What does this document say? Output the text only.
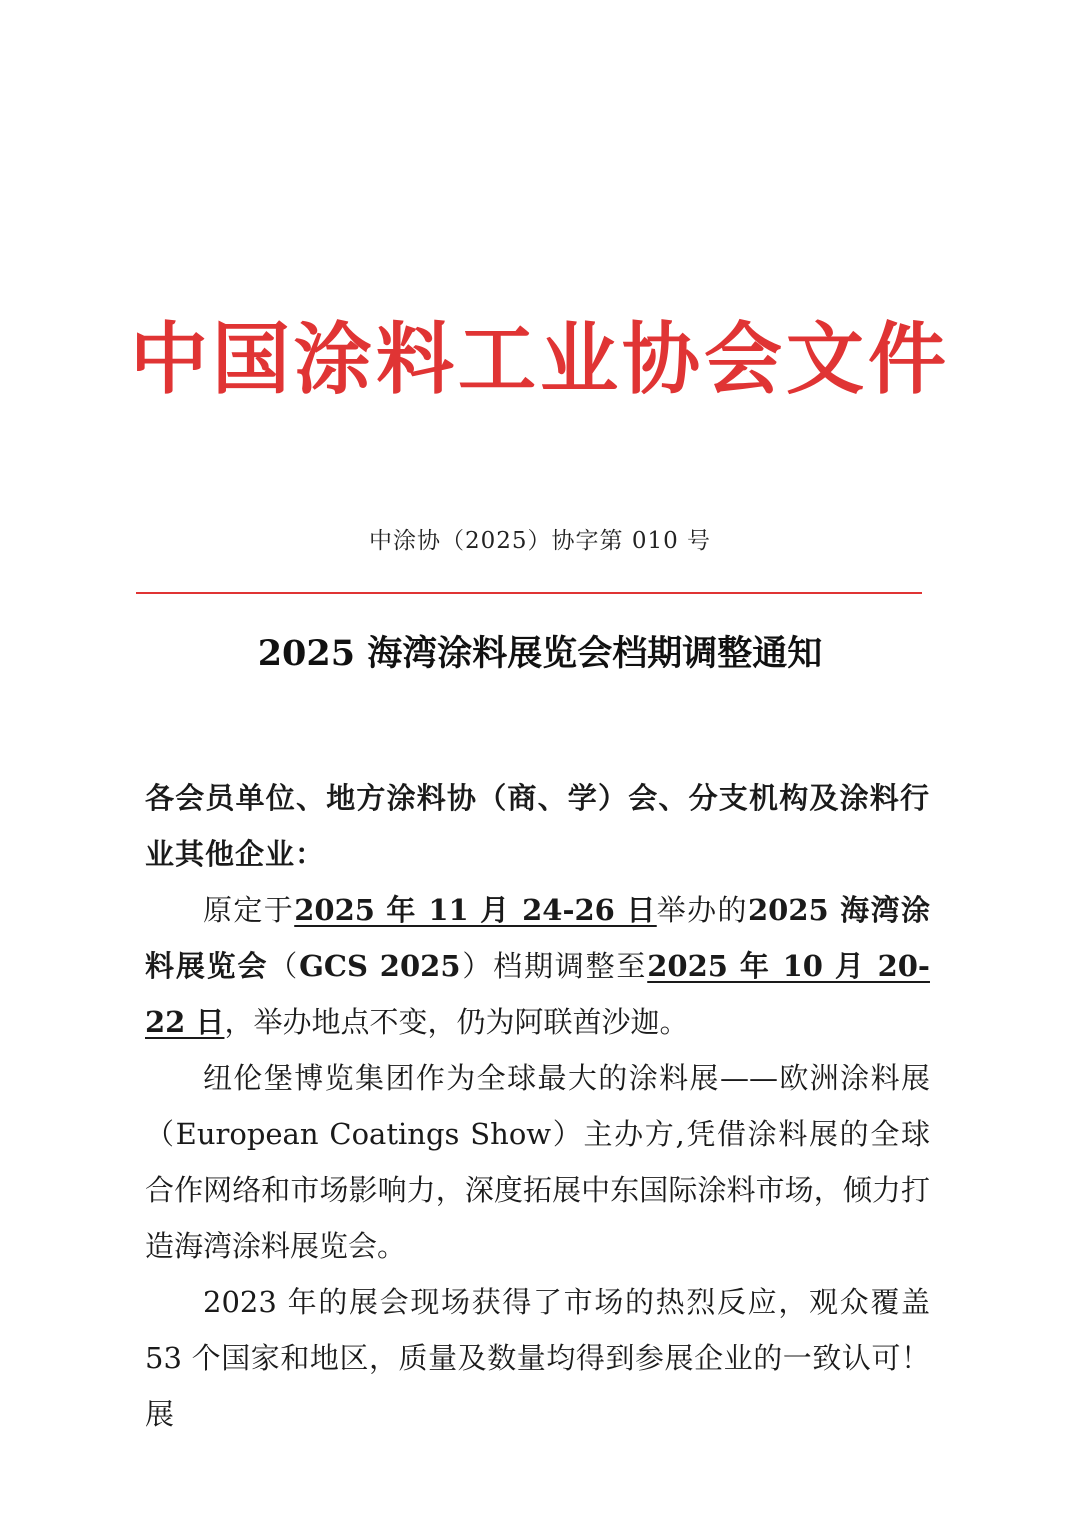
中国涂料工业协会文件
中涂协（2025）协字第 010 号
2025 海湾涂料展览会档期调整通知

各会员单位、地方涂料协（商、学）会、分支机构及涂料行业其他企业：

原定于2025 年 11 月 24-26 日举办的2025 海湾涂料展览会（GCS 2025）档期调整至2025 年 10 月 20-22 日，举办地点不变，仍为阿联酋沙迦。

纽伦堡博览集团作为全球最大的涂料展——欧洲涂料展（European Coatings Show）主办方,凭借涂料展的全球合作网络和市场影响力，深度拓展中东国际涂料市场，倾力打造海湾涂料展览会。

2023 年的展会现场获得了市场的热烈反应，观众覆盖 53 个国家和地区，质量及数量均得到参展企业的一致认可！ 展
